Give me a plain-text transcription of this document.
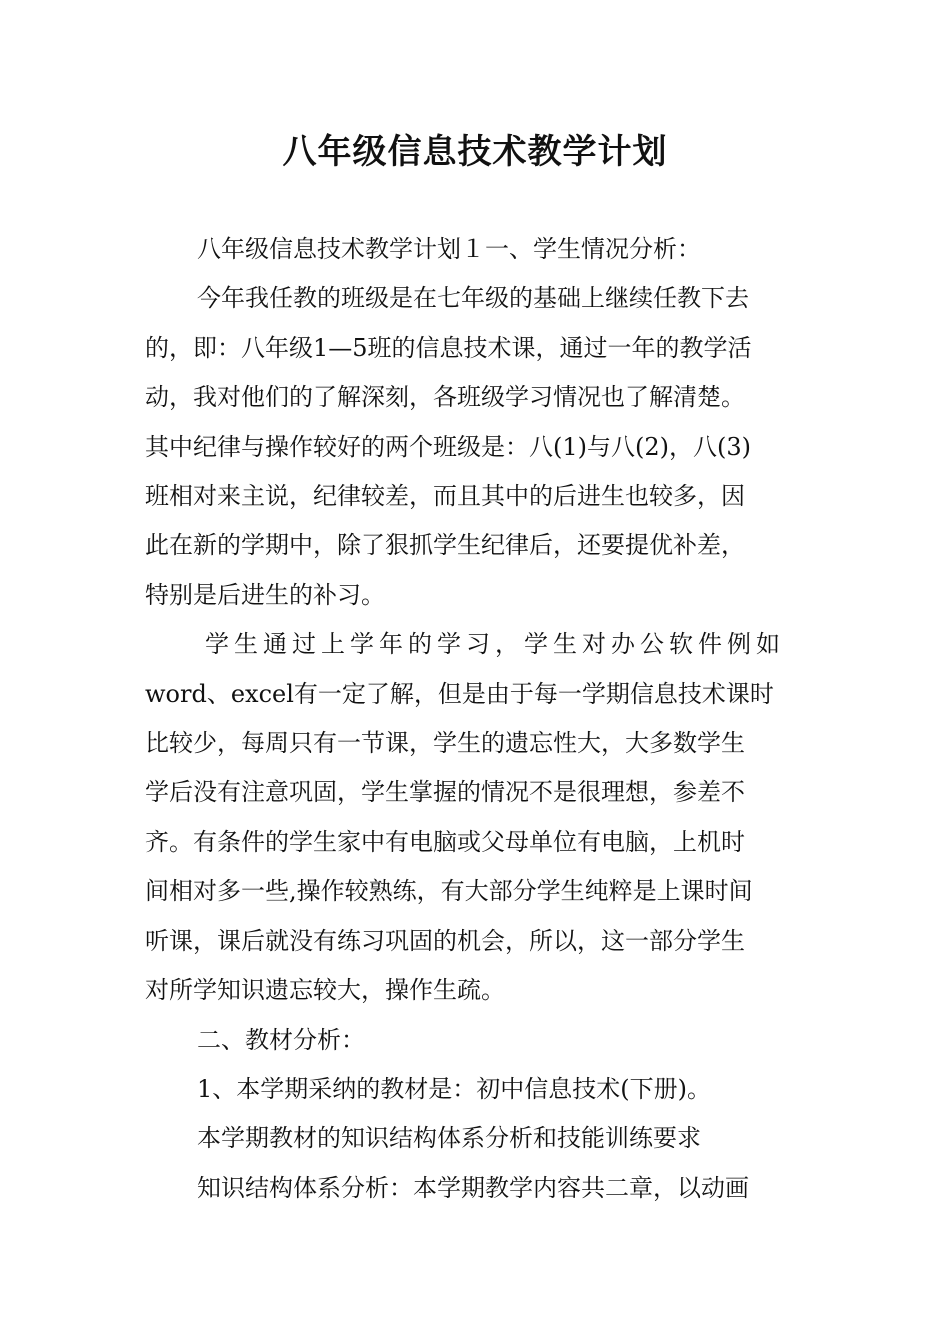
八年级信息技术教学计划
八年级信息技术教学计划１一、学生情况分析：
今年我任教的班级是在七年级的基础上继续任教下去
的，即：八年级1—5班的信息技术课，通过一年的教学活
动，我对他们的了解深刻，各班级学习情况也了解清楚。
其中纪律与操作较好的两个班级是：八(1)与八(2)，八(3)
班相对来主说，纪律较差，而且其中的后进生也较多，因
此在新的学期中，除了狠抓学生纪律后，还要提优补差，
特别是后进生的补习。
学生通过上学年的学习，学生对办公软件例如
word、excel有一定了解，但是由于每一学期信息技术课时
比较少，每周只有一节课，学生的遗忘性大，大多数学生
学后没有注意巩固，学生掌握的情况不是很理想，参差不
齐。有条件的学生家中有电脑或父母单位有电脑，上机时
间相对多一些,操作较熟练，有大部分学生纯粹是上课时间
听课，课后就没有练习巩固的机会，所以，这一部分学生
对所学知识遗忘较大，操作生疏。
二、教材分析：
1、本学期采纳的教材是：初中信息技术(下册)。
本学期教材的知识结构体系分析和技能训练要求
知识结构体系分析：本学期教学内容共二章，以动画
